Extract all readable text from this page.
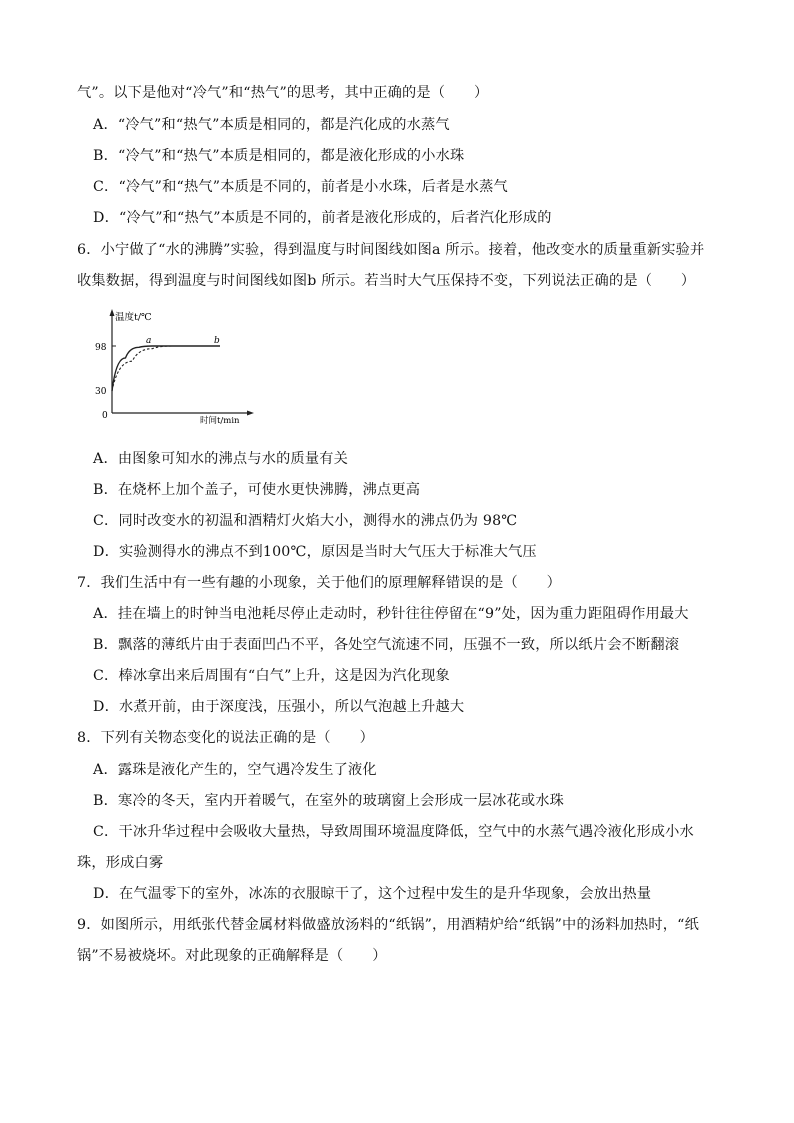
气”。以下是他对“冷气”和“热气”的思考，其中正确的是（　　）
A．“冷气”和“热气”本质是相同的，都是汽化成的水蒸气
B．“冷气”和“热气”本质是相同的，都是液化形成的小水珠
C．“冷气”和“热气”本质是不同的，前者是小水珠，后者是水蒸气
D．“冷气”和“热气”本质是不同的，前者是液化形成的，后者汽化形成的
6．小宁做了“水的沸腾”实验，得到温度与时间图线如图a 所示。接着，他改变水的质量重新实验并
收集数据，得到温度与时间图线如图b 所示。若当时大气压保持不变，下列说法正确的是（　　）
温度t/℃
时间t/min
98
30
0
a	b
A．由图象可知水的沸点与水的质量有关
B．在烧杯上加个盖子，可使水更快沸腾，沸点更高
C．同时改变水的初温和酒精灯火焰大小，测得水的沸点仍为 98℃
D．实验测得水的沸点不到100℃，原因是当时大气压大于标准大气压
7．我们生活中有一些有趣的小现象，关于他们的原理解释错误的是（　　）
A．挂在墙上的时钟当电池耗尽停止走动时，秒针往往停留在“9”处，因为重力距阻碍作用最大
B．飘落的薄纸片由于表面凹凸不平，各处空气流速不同，压强不一致，所以纸片会不断翻滚
C．棒冰拿出来后周围有“白气”上升，这是因为汽化现象
D．水煮开前，由于深度浅，压强小，所以气泡越上升越大
8．下列有关物态变化的说法正确的是（　　）
A．露珠是液化产生的，空气遇冷发生了液化
B．寒冷的冬天，室内开着暖气，在室外的玻璃窗上会形成一层冰花或水珠
C．干冰升华过程中会吸收大量热，导致周围环境温度降低，空气中的水蒸气遇冷液化形成小水
珠，形成白雾
D．在气温零下的室外，冰冻的衣服晾干了，这个过程中发生的是升华现象，会放出热量
9．如图所示，用纸张代替金属材料做盛放汤料的“纸锅”，用酒精炉给“纸锅”中的汤料加热时，“纸
锅”不易被烧坏。对此现象的正确解释是（　　）
